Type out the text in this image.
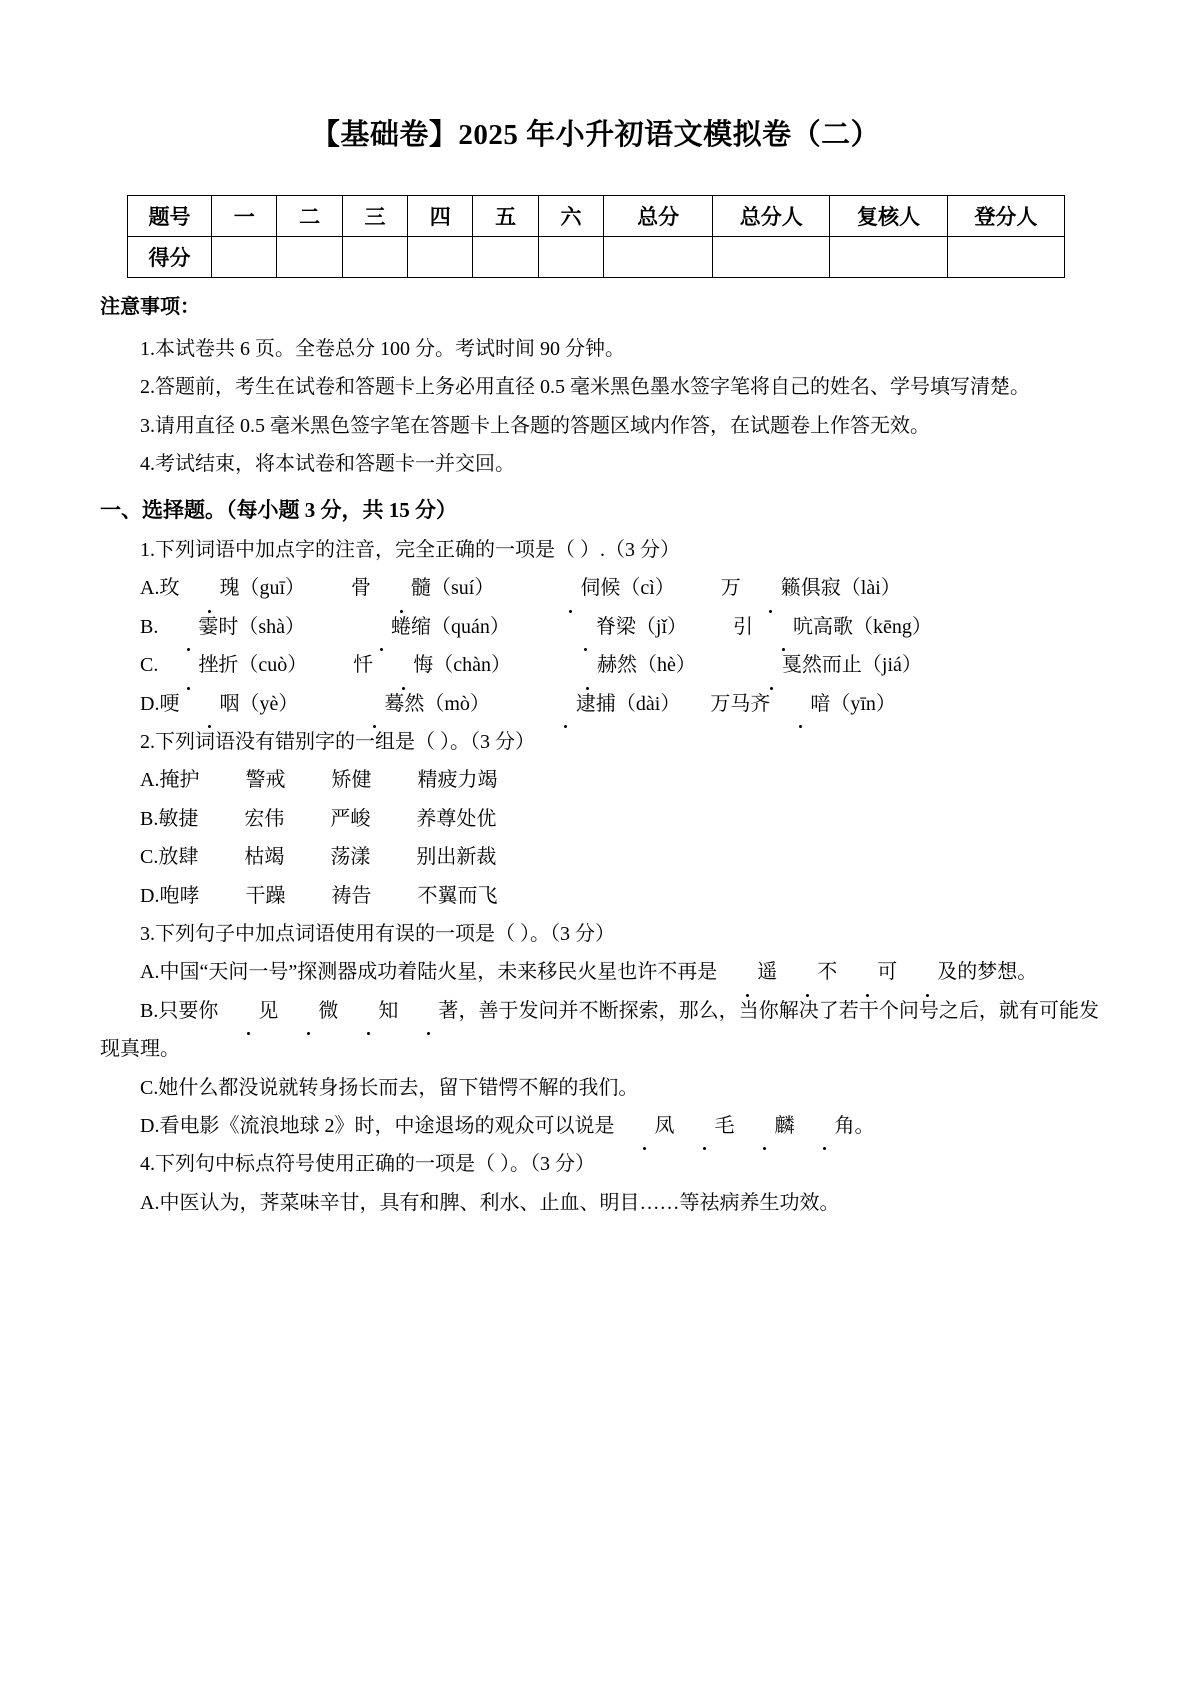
【基础卷】2025 年小升初语文模拟卷（二）
题号	一	二	三	四	五	六	总分	总分人	复核人	登分人
得分										
注意事项：

1.本试卷共 6 页。全卷总分 100 分。考试时间 90 分钟。

2.答题前，考生在试卷和答题卡上务必用直径 0.5 毫米黑色墨水签字笔将自己的姓名、学号填写清楚。

3.请用直径 0.5 毫米黑色签字笔在答题卡上各题的答题区域内作答，在试题卷上作答无效。

4.考试结束，将本试卷和答题卡一并交回。

一、选择题。（每小题 3 分，共 15 分）

1.下列词语中加点字的注音，完全正确的一项是（ ）.（3 分）

A.玫 瑰（guī） 骨 髓（suí）	伺候（cì） 万 籁俱寂（lài）

B. 霎时（shà）	蜷缩（quán）	脊梁（jǐ） 引 吭高歌（kēng）

C. 挫折（cuò） 忏 悔（chàn）	赫然（hè）	戛然而止（jiá）

D.哽 咽（yè）	蓦然（mò）	逮捕（dài） 万马齐 喑（yīn）

2.下列词语没有错别字的一组是（ ）。（3 分）

A.掩护 警戒 矫健 精疲力竭

B.敏捷 宏伟 严峻 养尊处优

C.放肆 枯竭 荡漾 别出新裁

D.咆哮 干躁 祷告 不翼而飞

3.下列句子中加点词语使用有误的一项是（ ）。（3 分）

A.中国“天问一号”探测器成功着陆火星，未来移民火星也许不再是 遥 不 可 及的梦想。

B.只要你 见 微 知 著，善于发问并不断探索，那么，当你解决了若干个问号之后，就有可能发现真理。

C.她什么都没说就转身扬长而去，留下错愕不解的我们。

D.看电影《流浪地球 2》时，中途退场的观众可以说是 凤 毛 麟 角。

4.下列句中标点符号使用正确的一项是（ ）。（3 分）

A.中医认为，荠菜味辛甘，具有和脾、利水、止血、明目……等祛病养生功效。
